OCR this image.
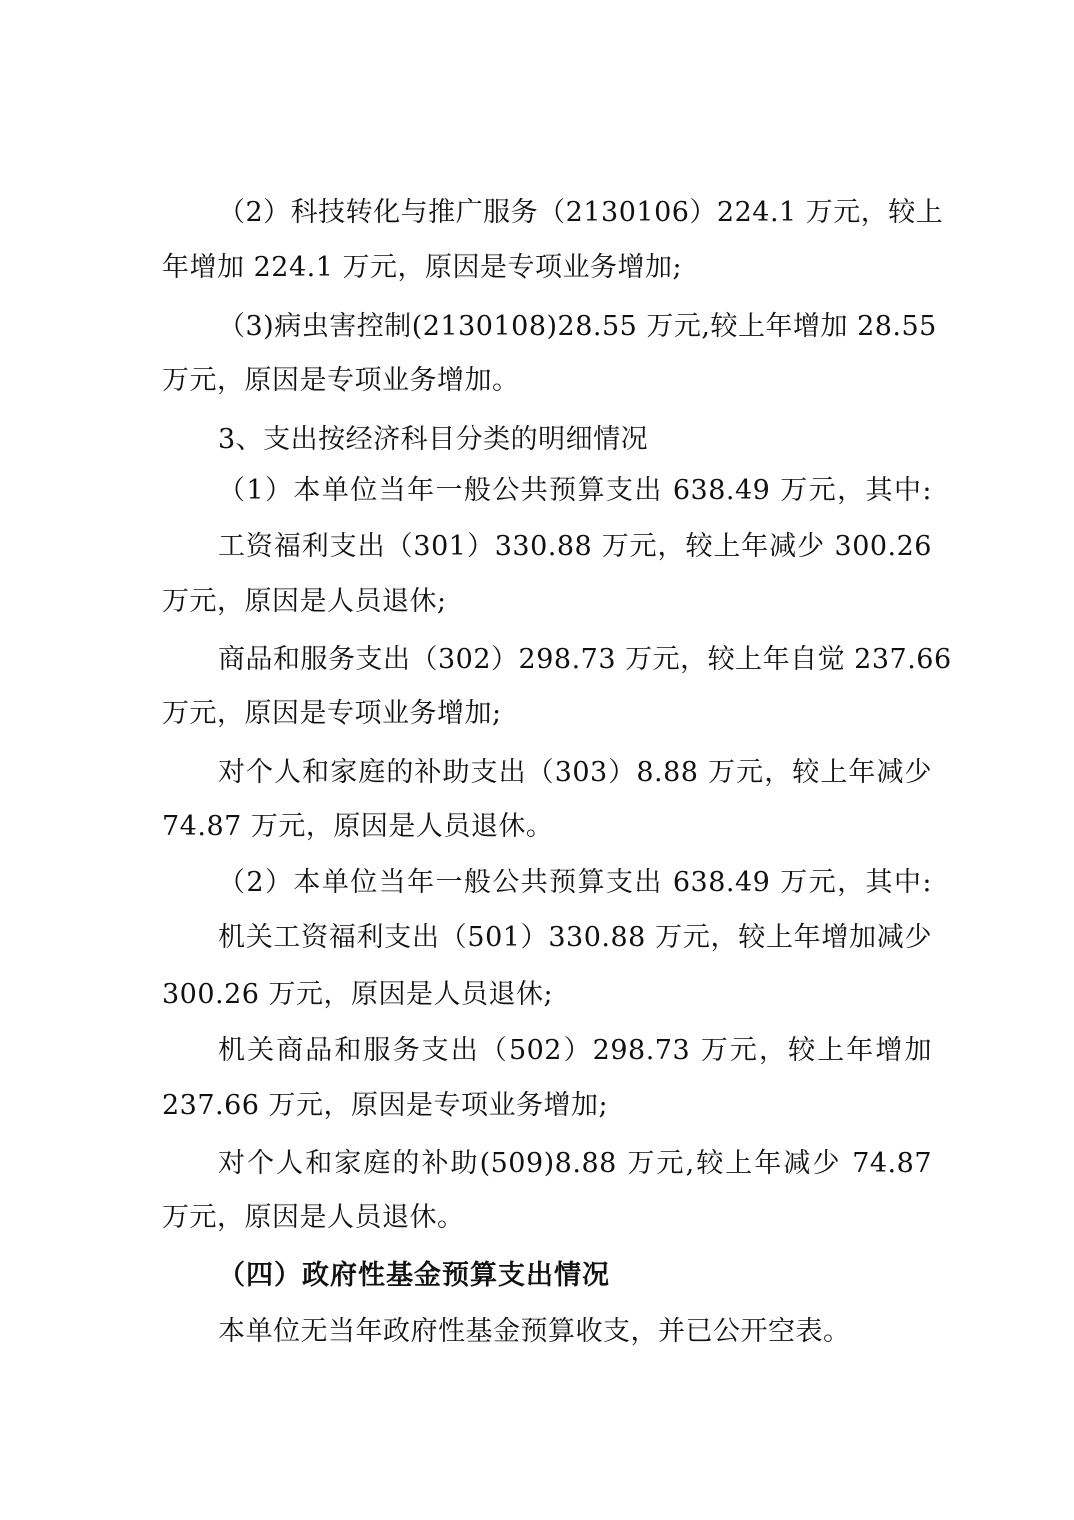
（2）科技转化与推广服务（2130106）224.1 万元，较上
年增加 224.1 万元，原因是专项业务增加;
（3)病虫害控制(2130108)28.55 万元,较上年增加 28.55
万元，原因是专项业务增加。
3、支出按经济科目分类的明细情况
（1）本单位当年一般公共预算支出 638.49 万元，其中:
工资福利支出（301）330.88 万元，较上年减少 300.26
万元，原因是人员退休;
商品和服务支出（302）298.73 万元，较上年自觉 237.66
万元，原因是专项业务增加;
对个人和家庭的补助支出（303）8.88 万元，较上年减少
74.87 万元，原因是人员退休。
（2）本单位当年一般公共预算支出 638.49 万元，其中:
机关工资福利支出（501）330.88 万元，较上年增加减少
300.26 万元，原因是人员退休;
机关商品和服务支出（502）298.73 万元，较上年增加
237.66 万元，原因是专项业务增加;
对个人和家庭的补助(509)8.88 万元,较上年减少 74.87
万元，原因是人员退休。
（四）政府性基金预算支出情况
本单位无当年政府性基金预算收支，并已公开空表。
